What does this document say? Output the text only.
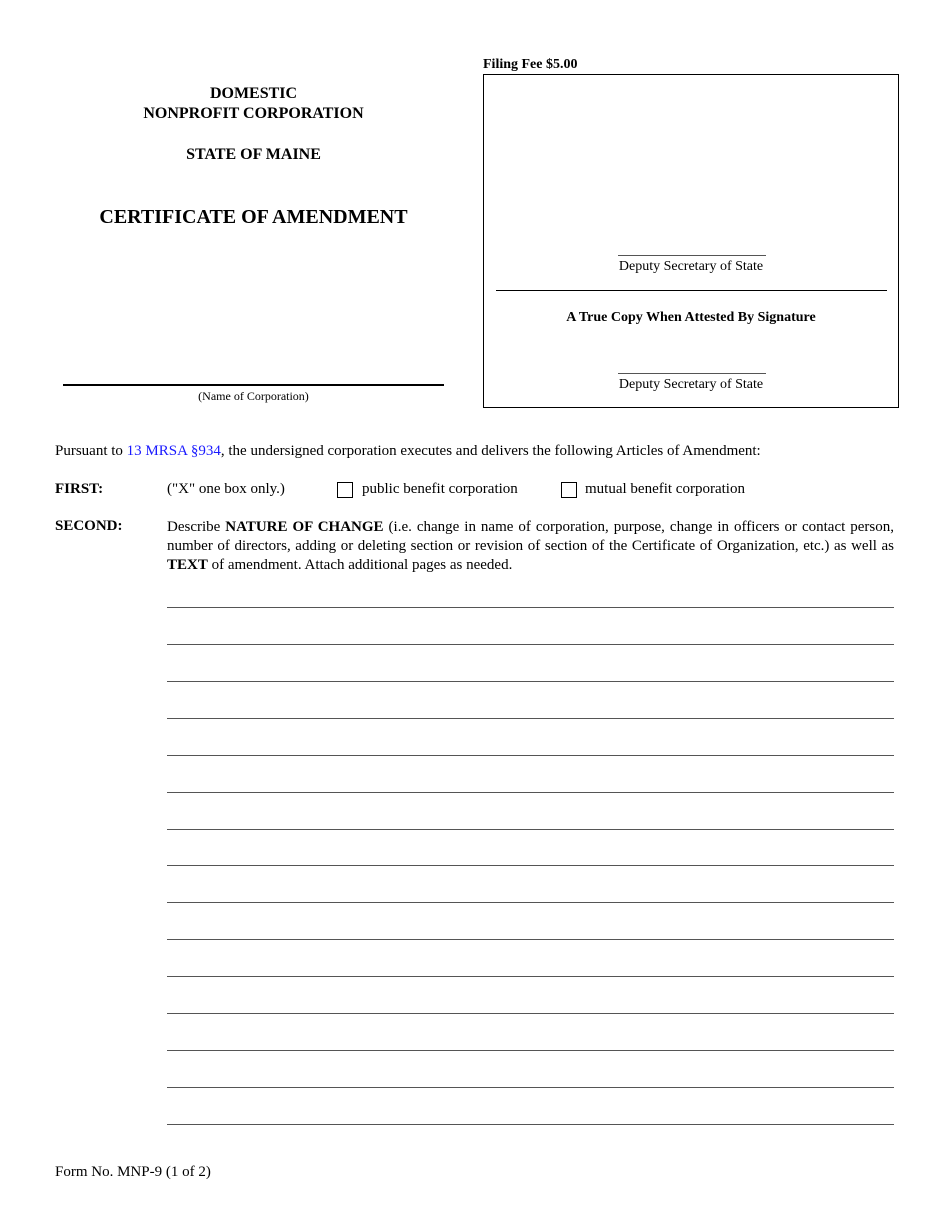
DOMESTIC
NONPROFIT CORPORATION
STATE OF MAINE
CERTIFICATE OF AMENDMENT
(Name of Corporation)
Filing Fee $5.00
Deputy Secretary of State
A True Copy When Attested By Signature
Deputy Secretary of State
Pursuant to 13 MRSA §934, the undersigned corporation executes and delivers the following Articles of Amendment:
FIRST:	("X" one box only.)	public benefit corporation	mutual benefit corporation
SECOND:	Describe NATURE OF CHANGE (i.e. change in name of corporation, purpose, change in officers or contact person, number of directors, adding or deleting section or revision of section of the Certificate of Organization, etc.) as well as TEXT of amendment. Attach additional pages as needed.
Form No. MNP-9 (1 of 2)
